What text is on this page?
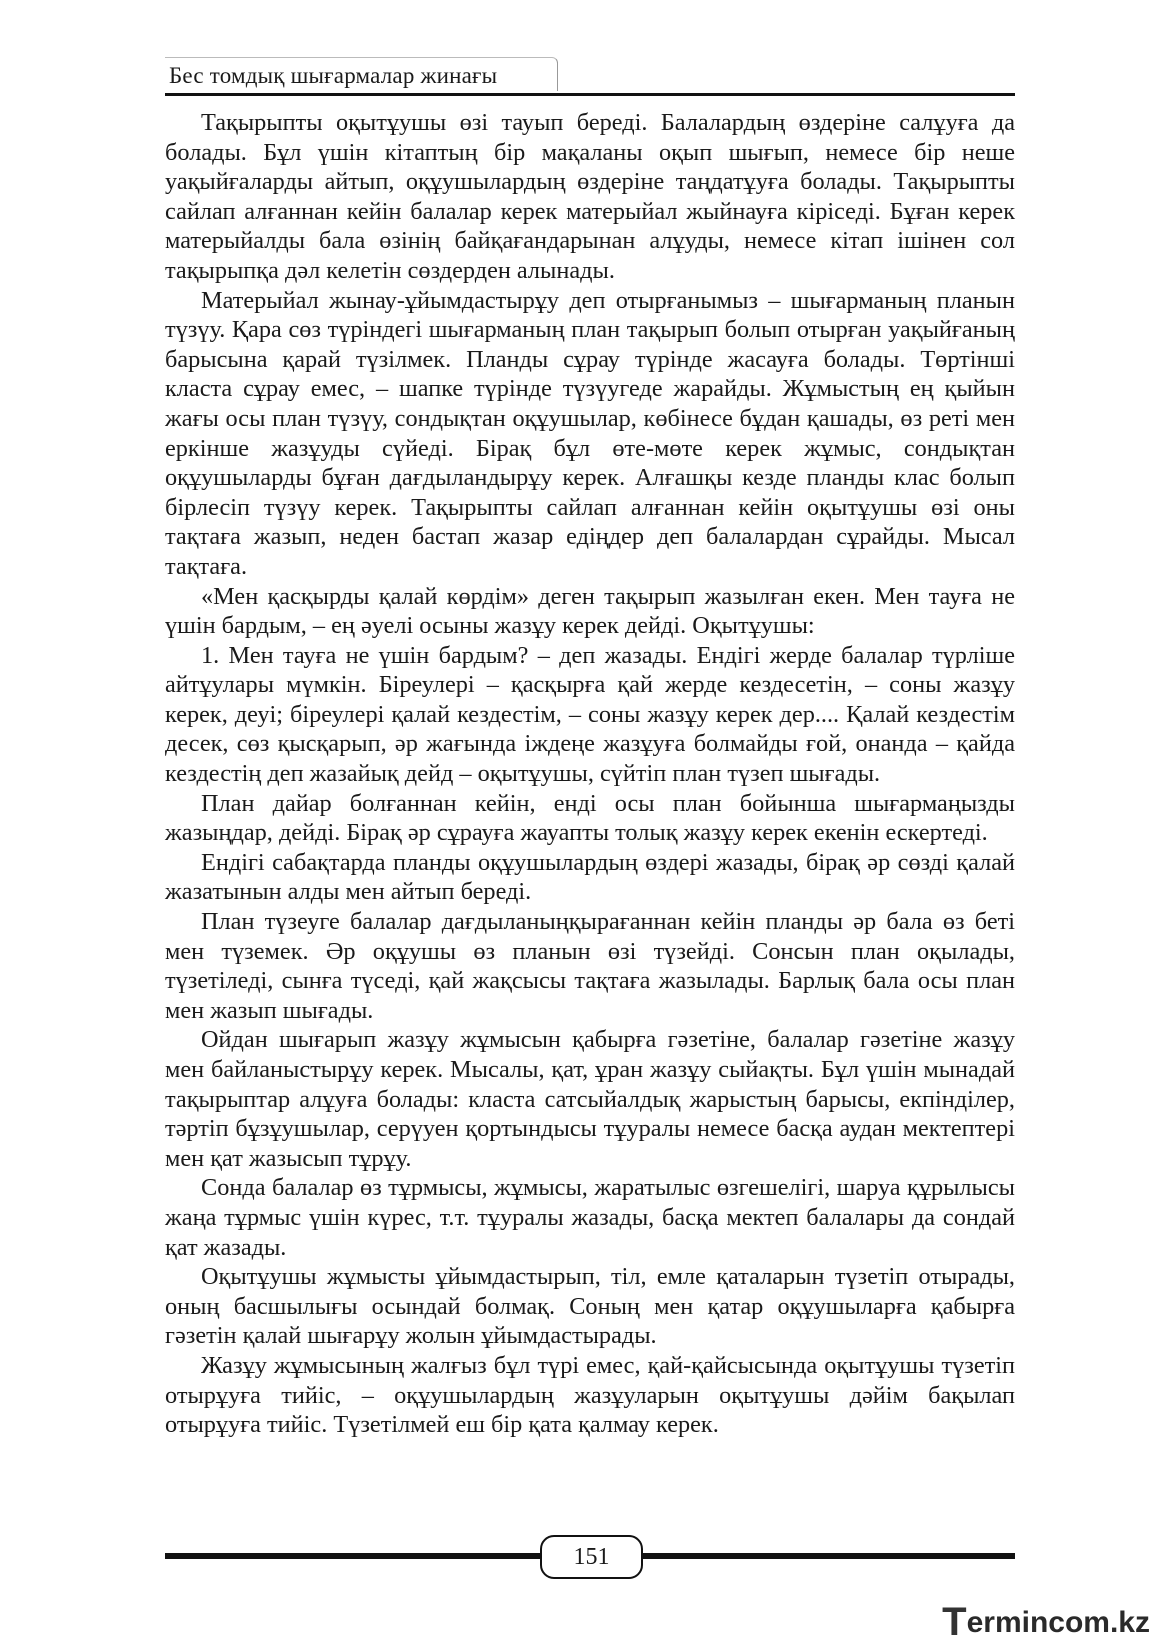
Бес томдық шығармалар жинағы

Тақырыпты оқытұушы өзі тауып береді. Балалардың өздеріне салұуға да болады. Бұл үшін кітаптың бір мақаланы оқып шығып, немесе бір неше уақыйғаларды айтып, оқұушылардың өздеріне таңдатұуға болады. Тақырыпты сайлап алғаннан кейін балалар керек матерыйал жыйнауға кіріседі. Бұған керек матерыйалды бала өзінің байқағандарынан алұуды, немесе кітап ішінен сол тақырыпқа дәл келетін сөздерден алынады.

Матерыйал жынау-ұйымдастырұу деп отырғанымыз – шығарманың планын түзүу. Қара сөз түріндегі шығарманың план тақырып болып отырған уақыйғаның барысына қарай түзілмек. Планды сұрау түрінде жасауға болады. Төртінші класта сұрау емес, – шапке түрінде түзүугеде жарайды. Жұмыстың ең қыйын жағы осы план түзүу, сондықтан оқұушылар, көбінесе бұдан қашады, өз реті мен еркінше жазұуды сүйеді. Бірақ бұл өте-мөте керек жұмыс, сондықтан оқұушыларды бұған дағдыландырұу керек. Алғашқы кезде планды клас болып бірлесіп түзүу керек. Тақырыпты сайлап алғаннан кейін оқытұушы өзі оны тақтаға жазып, неден бастап жазар едіңдер деп балалардан сұрайды. Мысал тақтаға.

«Мен қасқырды қалай көрдім» деген тақырып жазылған екен. Мен тауға не үшін бардым, – ең әуелі осыны жазұу керек дейді. Оқытұушы:

1. Мен тауға не үшін бардым? – деп жазады. Ендігі жерде балалар түрліше айтұулары мүмкін. Біреулері – қасқырға қай жерде кездесетін, – соны жазұу керек, деуі; біреулері қалай кездестім, – соны жазұу керек дер.... Қалай кездестім десек, сөз қысқарып, әр жағында іждеңе жазұуға болмайды ғой, онанда – қайда кездестің деп жазайық дейд – оқытұушы, сүйтіп план түзеп шығады.

План дайар болғаннан кейін, енді осы план бойынша шығармаңызды жазыңдар, дейді. Бірақ әр сұрауға жауапты толық жазұу керек екенін ескертеді.

Ендігі сабақтарда планды оқұушылардың өздері жазады, бірақ әр сөзді қалай жазатынын алды мен айтып береді.

План түзеуге балалар дағдыланыңқырағаннан кейін планды әр бала өз беті мен түземек. Әр оқұушы өз планын өзі түзейді. Сонсын план оқылады, түзетіледі, сынға түседі, қай жақсысы тақтаға жазылады. Барлық бала осы план мен жазып шығады.

Ойдан шығарып жазұу жұмысын қабырға гәзетіне, балалар гәзетіне жазұу мен байланыстырұу керек. Мысалы, қат, ұран жазұу сыйақты. Бұл үшін мынадай тақырыптар алұуға болады: класта сатсыйалдық жарыстың барысы, екпінділер, тәртіп бұзұушылар, серүуен қортындысы тұуралы немесе басқа аудан мектептері мен қат жазысып тұрұу.

Сонда балалар өз тұрмысы, жұмысы, жаратылыс өзгешелігі, шаруа құрылысы жаңа тұрмыс үшін күрес, т.т. тұуралы жазады, басқа мектеп балалары да сондай қат жазады.

Оқытұушы жұмысты ұйымдастырып, тіл, емле қаталарын түзетіп отырады, оның басшылығы осындай болмақ. Соның мен қатар оқұушыларға қабырға гәзетін қалай шығарұу жолын ұйымдастырады.

Жазұу жұмысының жалғыз бұл түрі емес, қай-қайсысында оқытұушы түзетіп отырұуға тийіс, – оқұушылардың жазұуларын оқытұушы дәйім бақылап отырұуға тийіс. Түзетілмей еш бір қата қалмау керек.

151
Termincom.kz
